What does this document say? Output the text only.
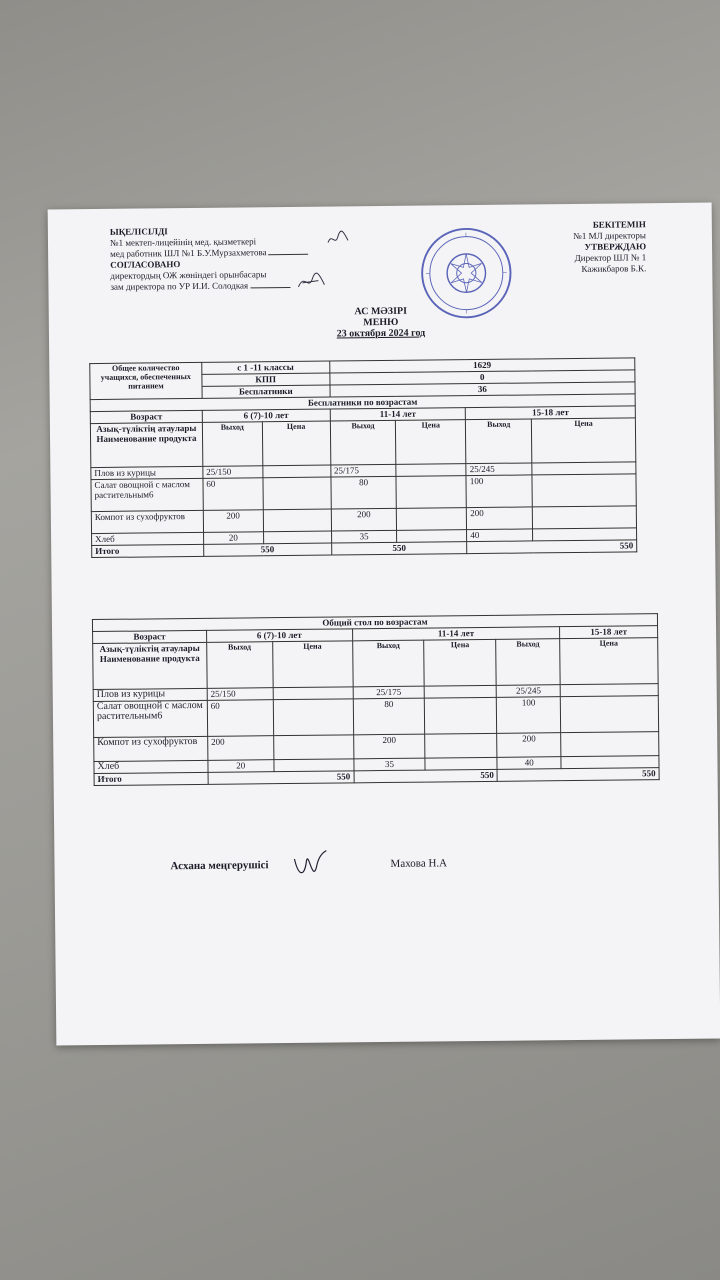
ЫҚЕЛІСІЛДІ
№1 мектеп-лицейінің мед. қызметкері
мед работник ШЛ №1 Б.У.Мурзахметова
СОГЛАСОВАНО
директордың ОЖ жөніндегі орынбасары
зам директора по УР И.И. Солодкая
БЕКІТЕМІН
№1 МЛ директоры
УТВЕРЖДАЮ
Директор ШЛ № 1
Кажикбаров Б.К.
АС МӘЗІРІ
МЕНЮ
23 октября 2024 год
Общее количество учащихся, обеспеченных питанием	с 1 -11 классы		1629			
	КПП		0			
	Бесплатники		36			
Бесплатники по возрастам						
Возраст	6 (7)-10 лет		11-14 лет		15-18 лет	
Азық-түліктің атаулары Наименование продукта	Выход	Цена	Выход	Цена	Выход	Цена
Плов из курицы	25/150		25/175		25/245	
Салат овощной с маслом растительным6	60		80		100	
Компот из сухофруктов	200		200		200	
Хлеб	20		35		40	
Итого	550		550		550	
Общий стол по возрастам						
Возраст	6 (7)-10 лет		11-14 лет			15-18 лет
Азық-түліктің атаулары Наименование продукта	Выход	Цена	Выход	Цена	Выход	Цена
Плов из курицы	25/150		25/175		25/245	
Салат овощной с маслом растительным6	60		80		100	
Компот из сухофруктов	200		200		200	
Хлеб	20		35		40	
Итого	550		550		550	
Асхана меңгерушісі	Махова Н.А
